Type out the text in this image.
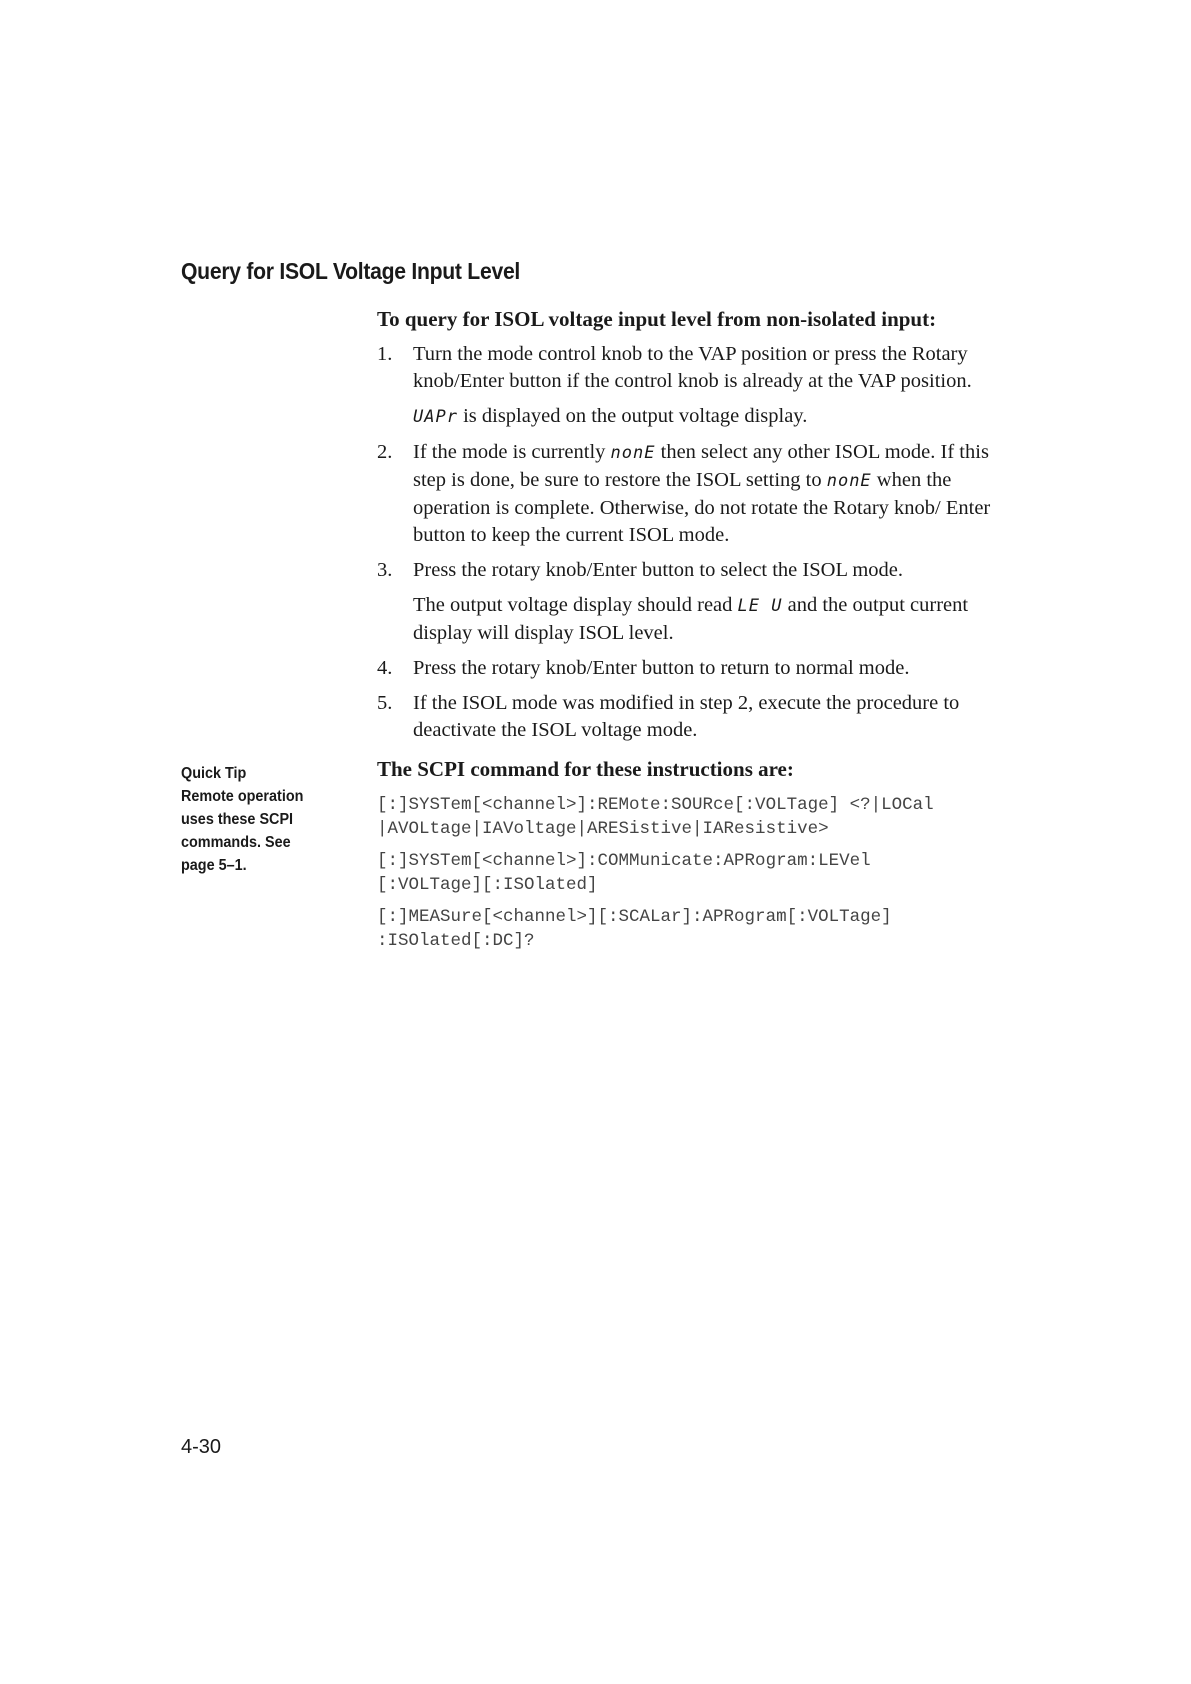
Query for ISOL Voltage Input Level

To query for ISOL voltage input level from non-isolated input:

1. Turn the mode control knob to the VAP position or press the Rotary knob/Enter button if the control knob is already at the VAP position.

UAPr is displayed on the output voltage display.

2. If the mode is currently nonE then select any other ISOL mode. If this step is done, be sure to restore the ISOL setting to nonE when the operation is complete. Otherwise, do not rotate the Rotary knob/ Enter button to keep the current ISOL mode.

3. Press the rotary knob/Enter button to select the ISOL mode.

The output voltage display should read LE U and the output current display will display ISOL level.

4. Press the rotary knob/Enter button to return to normal mode.

5. If the ISOL mode was modified in step 2, execute the procedure to deactivate the ISOL voltage mode.

The SCPI command for these instructions are:

[:]SYSTem[<channel>]:REMote:SOURce[:VOLTage] <?|LOCal
|AVOLtage|IAVoltage|ARESistive|IAResistive>
[:]SYSTem[<channel>]:COMMunicate:APRogram:LEVel
[:VOLTage][:ISOlated]
[:]MEASure[<channel>][:SCALar]:APRogram[:VOLTage]
:ISOlated[:DC]?
Quick Tip
Remote operation
uses these SCPI
commands. See
page 5–1.
4-30
